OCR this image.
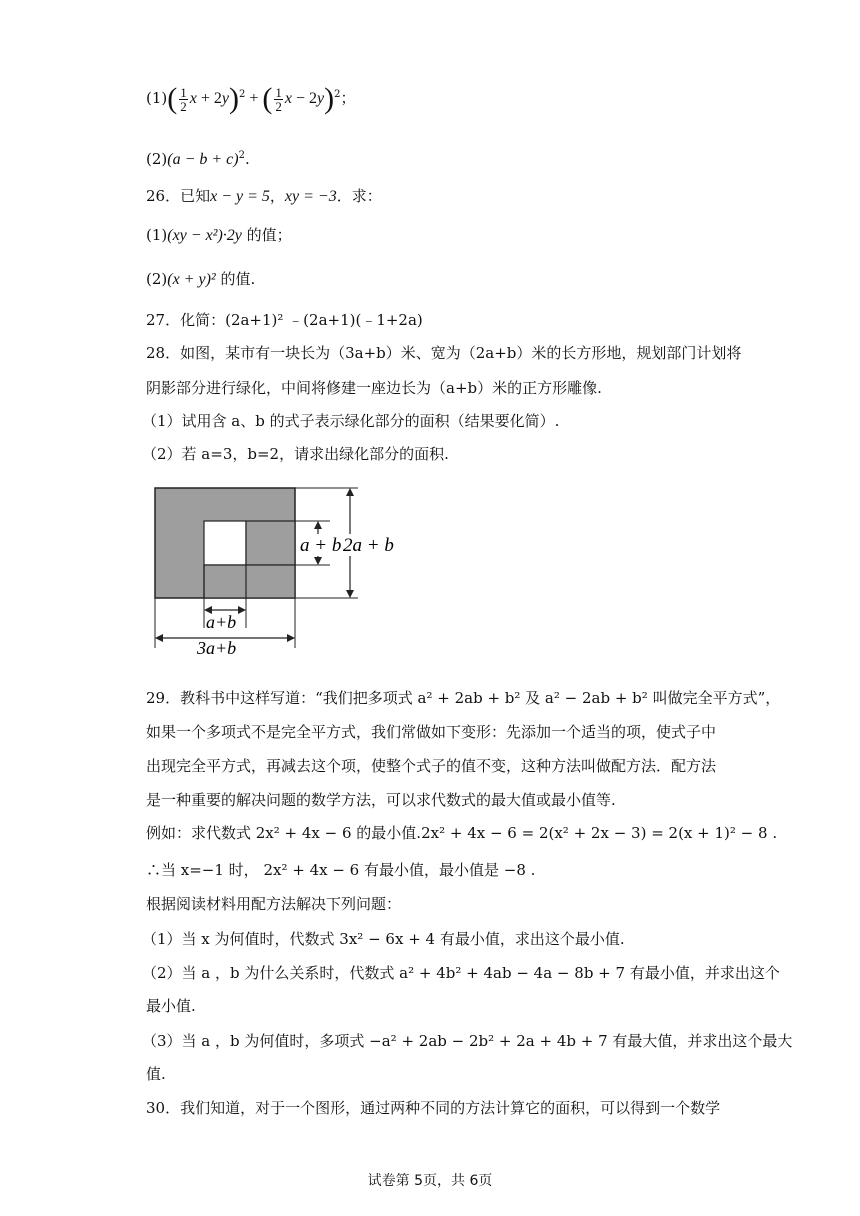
$(1)( \frac{1}{2}$ $x + 2y)^2$ + ( $\frac{1}{2}$ x − 2y)$^2$；
$(2)(a - b + c)^2$.
26．已知x − y = 5，xy = −3．求：
(1)(xy − x²)·2y 的值；
(2)(x + y)² 的值.
27．化简：(2a+1)² ﹣(2a+1)(﹣1+2a)
28．如图，某市有一块长为（3a+b）米、宽为（2a+b）米的长方形地，规划部门计划将
阴影部分进行绿化，中间将修建一座边长为（a+b）米的正方形雕像.
（1）试用含 a、b 的式子表示绿化部分的面积（结果要化简）.
（2）若 a=3，b=2，请求出绿化部分的面积.
a + b 2a + b
a+b
3a+b
29．教科书中这样写道：“我们把多项式 a² + 2ab + b² 及 a² − 2ab + b² 叫做完全平方式”，
如果一个多项式不是完全平方式，我们常做如下变形：先添加一个适当的项，使式子中
出现完全平方式，再减去这个项，使整个式子的值不变，这种方法叫做配方法．配方法
是一种重要的解决问题的数学方法，可以求代数式的最大值或最小值等.
例如：求代数式 2x² + 4x − 6 的最小值.2x² + 4x − 6 = 2(x² + 2x − 3) = 2(x + 1)² − 8 .
∴当 x=−1 时， 2x² + 4x − 6 有最小值，最小值是 −8 .
根据阅读材料用配方法解决下列问题：
（1）当 x 为何值时，代数式 3x² − 6x + 4 有最小值，求出这个最小值.
（2）当 a ，b 为什么关系时，代数式 a² + 4b² + 4ab − 4a − 8b + 7 有最小值，并求出这个
最小值.
（3）当 a ，b 为何值时，多项式 −a² + 2ab − 2b² + 2a + 4b + 7 有最大值，并求出这个最大
值.
30．我们知道，对于一个图形，通过两种不同的方法计算它的面积，可以得到一个数学
试卷第 5页，共 6页
